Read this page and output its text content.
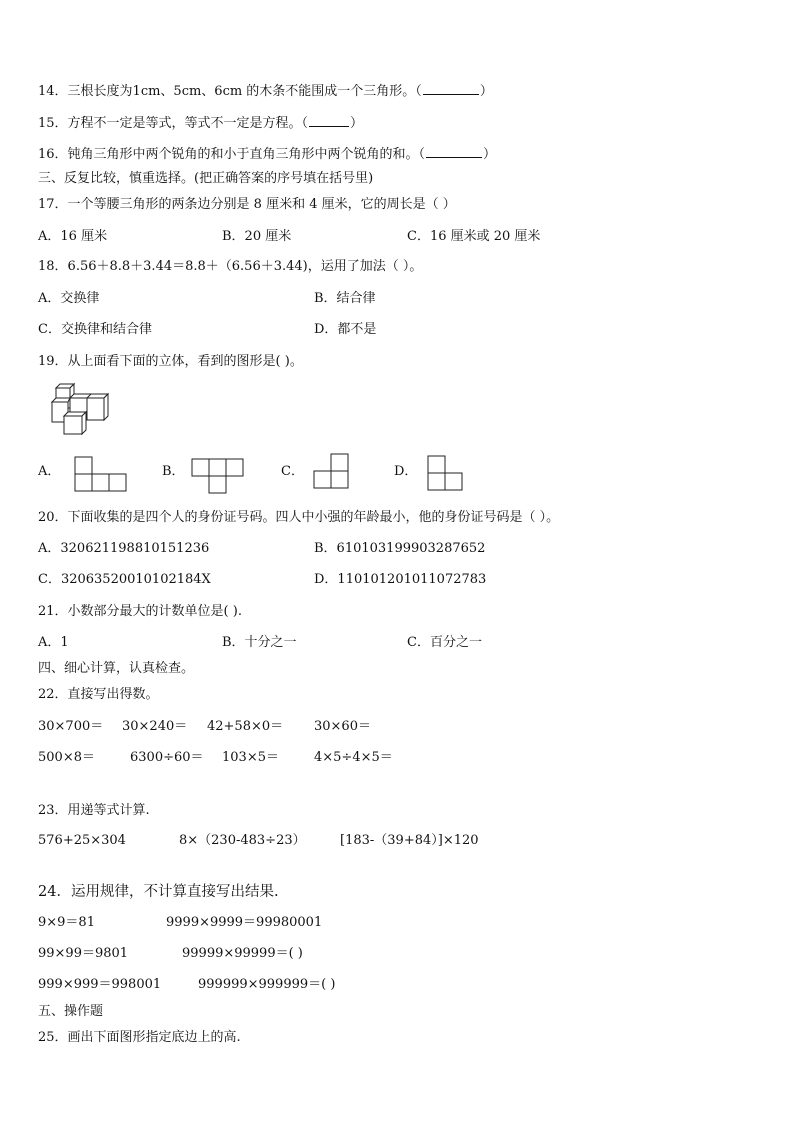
14．三根长度为1cm、5cm、6cm 的木条不能围成一个三角形。（	）
15．方程不一定是等式，等式不一定是方程。（	）
16．钝角三角形中两个锐角的和小于直角三角形中两个锐角的和。（	）
三、反复比较，慎重选择。(把正确答案的序号填在括号里)
17．一个等腰三角形的两条边分别是 8 厘米和 4 厘米，它的周长是（ ）
A．16 厘米	B．20 厘米	C．16 厘米或 20 厘米
18．6.56＋8.8＋3.44＝8.8＋（6.56＋3.44)，运用了加法（ ）。
A．交换律	B．结合律
C．交换律和结合律	D．都不是
19．从上面看下面的立体，看到的图形是( )。
A．	B．	C．	D．
20．下面收集的是四个人的身份证号码。四人中小强的年龄最小，他的身份证号码是（ ）。
A．320621198810151236	B．610103199903287652
C．32063520010102184X	D．110101201011072783
21．小数部分最大的计数单位是( ).
A．1	B．十分之一	C．百分之一
四、细心计算，认真检查。
22．直接写出得数。
30×700＝ 30×240＝ 42+58×0＝ 30×60＝
500×8＝	6300÷60＝ 103×5＝	4×5÷4×5＝
23．用递等式计算.
576+25×304	8×（230-483÷23）	[183-（39+84）]×120
24．运用规律，不计算直接写出结果.
9×9＝81	9999×9999＝99980001
99×99＝9801	99999×99999＝( )
999×999＝998001	999999×999999＝( )
五、操作题
25．画出下面图形指定底边上的高.
